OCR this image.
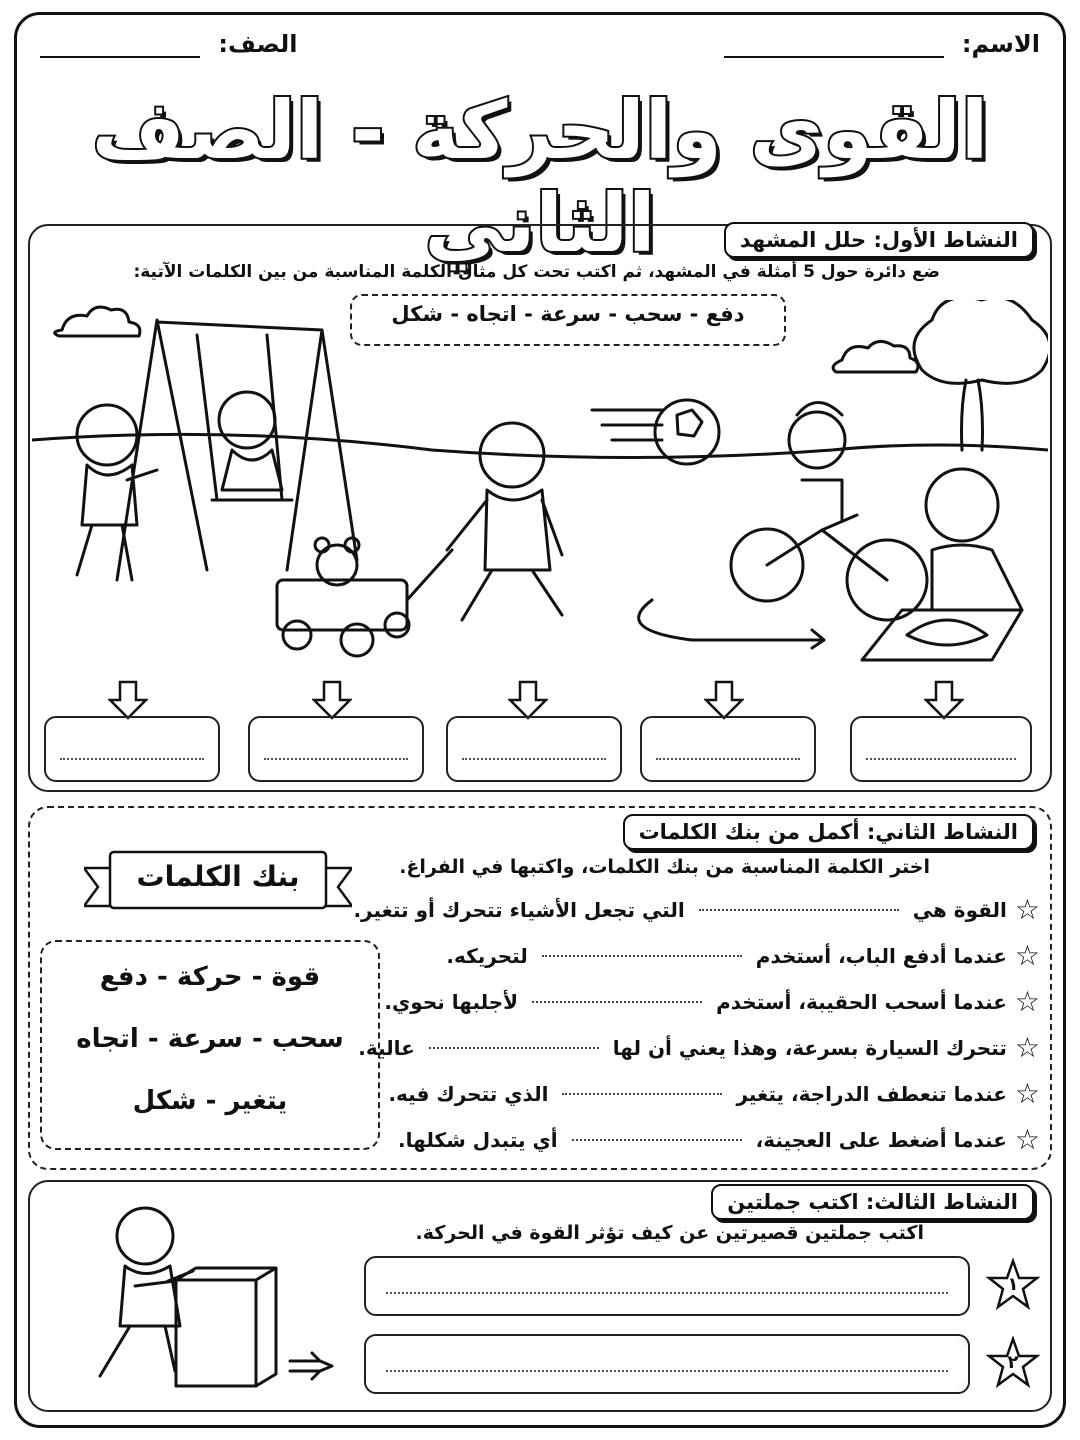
الاسم:
الصف:
القوى والحركة - الصف الثاني	النشاط الأول: حلل المشهد
ضع دائرة حول 5 أمثلة في المشهد، ثم اكتب تحت كل مثال الكلمة المناسبة من بين الكلمات الآتية:
دفع - سحب - سرعة - اتجاه - شكل
النشاط الثاني: أكمل من بنك الكلمات
اختر الكلمة المناسبة من بنك الكلمات، واكتبها في الفراغ.
بنك الكلمات
قوة - حركة - دفع
سحب - سرعة - اتجاه
يتغير - شكل
☆
القوة هي
التي تجعل الأشياء تتحرك أو تتغير.
☆
عندما أدفع الباب، أستخدم
لتحريكه.
☆
عندما أسحب الحقيبة، أستخدم
لأجلبها نحوي.
☆
تتحرك السيارة بسرعة، وهذا يعني أن لها
عالية.
☆
عندما تنعطف الدراجة، يتغير
الذي تتحرك فيه.
☆
عندما أضغط على العجينة،
أي يتبدل شكلها.
النشاط الثالث: اكتب جملتين
اكتب جملتين قصيرتين عن كيف تؤثر القوة في الحركة.
١
٢
